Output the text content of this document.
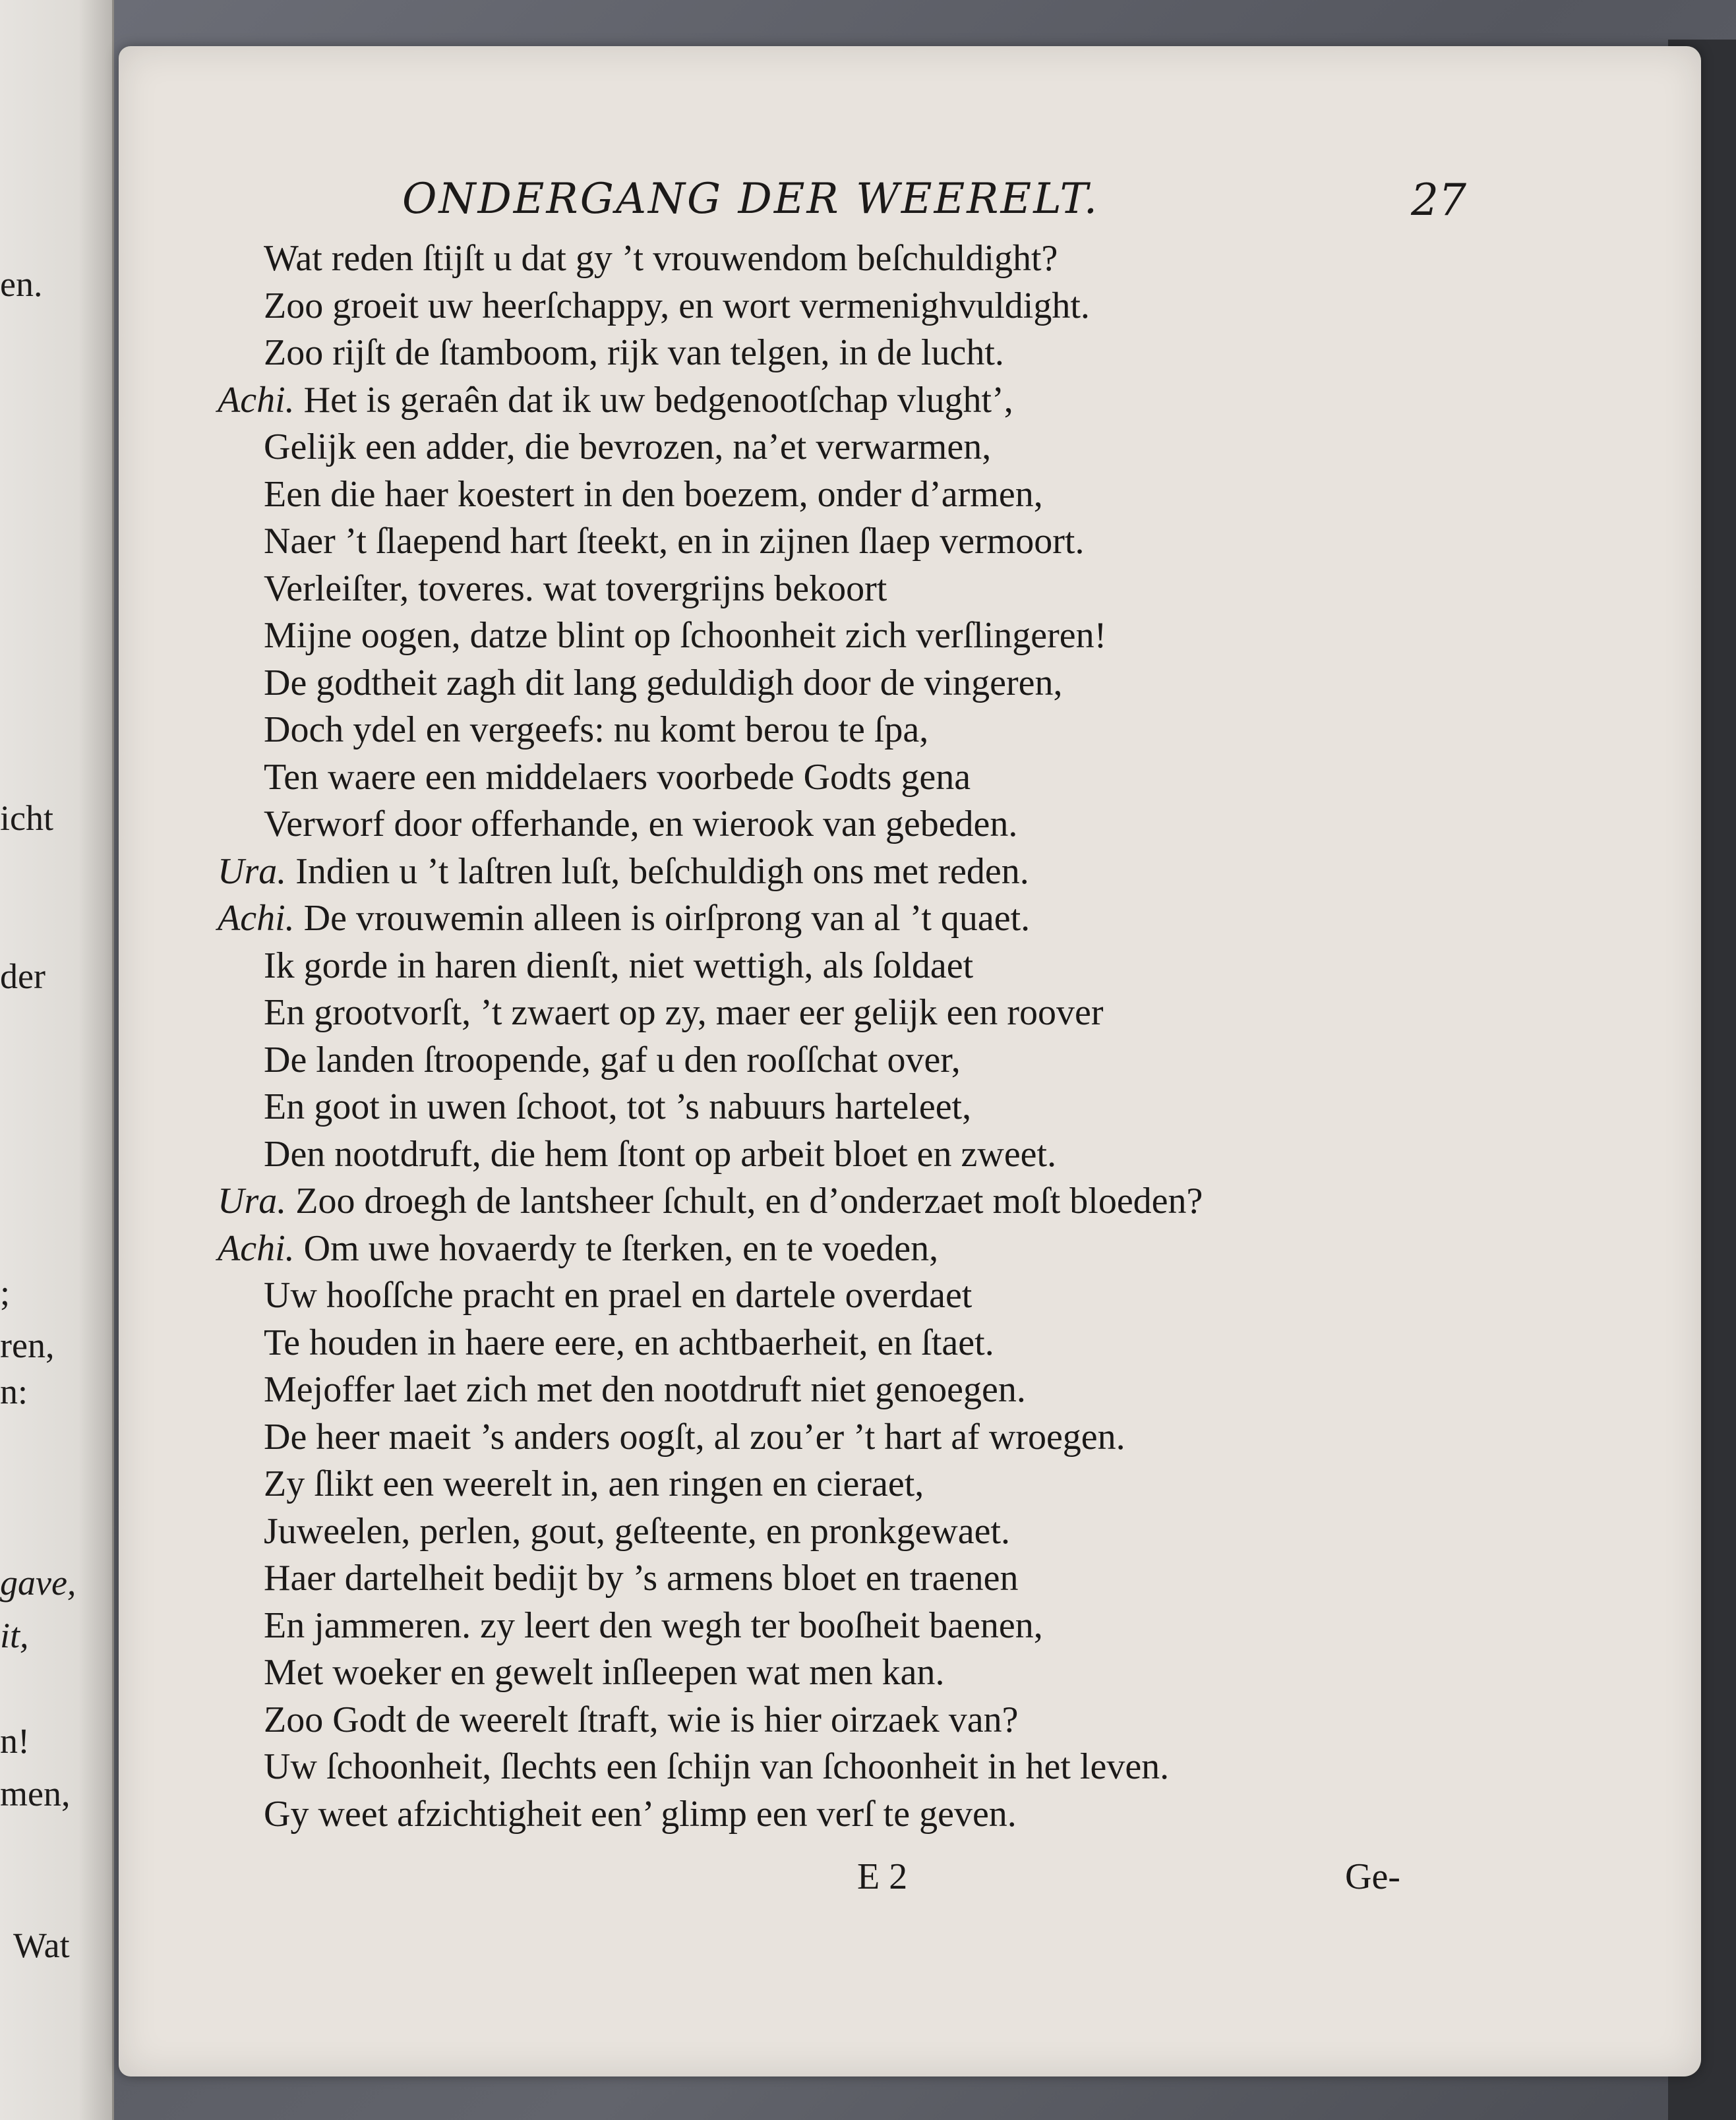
en.
icht
der
;
ren,
n:
gave,
it,
n!
men,
Wat
ONDERGANG DER WEERELT.	27
Wat reden ſtijſt u dat gy ’t vrouwendom beſchuldight?
Zoo groeit uw heerſchappy, en wort vermenighvuldight.
Zoo rijſt de ſtamboom, rijk van telgen, in de lucht.
Achi. Het is geraên dat ik uw bedgenootſchap vlught’,
Gelijk een adder, die bevrozen, na’et verwarmen,
Een die haer koestert in den boezem, onder d’armen,
Naer ’t ſlaepend hart ſteekt, en in zijnen ſlaep vermoort.
Verleiſter, toveres. wat tovergrijns bekoort
Mijne oogen, datze blint op ſchoonheit zich verſlingeren!
De godtheit zagh dit lang geduldigh door de vingeren,
Doch ydel en vergeefs: nu komt berou te ſpa,
Ten waere een middelaers voorbede Godts gena
Verworf door offerhande, en wierook van gebeden.
Ura. Indien u ’t laſtren luſt, beſchuldigh ons met reden.
Achi. De vrouwemin alleen is oirſprong van al ’t quaet.
Ik gorde in haren dienſt, niet wettigh, als ſoldaet
En grootvorſt, ’t zwaert op zy, maer eer gelijk een roover
De landen ſtroopende, gaf u den rooſſchat over,
En goot in uwen ſchoot, tot ’s nabuurs harteleet,
Den nootdruft, die hem ſtont op arbeit bloet en zweet.
Ura. Zoo droegh de lantsheer ſchult, en d’onderzaet moſt bloeden?
Achi. Om uwe hovaerdy te ſterken, en te voeden,
Uw hooſſche pracht en prael en dartele overdaet
Te houden in haere eere, en achtbaerheit, en ſtaet.
Mejoffer laet zich met den nootdruft niet genoegen.
De heer maeit ’s anders oogſt, al zou’er ’t hart af wroegen.
Zy ſlikt een weerelt in, aen ringen en cieraet,
Juweelen, perlen, gout, geſteente, en pronkgewaet.
Haer dartelheit bedijt by ’s armens bloet en traenen
En jammeren. zy leert den wegh ter booſheit baenen,
Met woeker en gewelt inſleepen wat men kan.
Zoo Godt de weerelt ſtraft, wie is hier oirzaek van?
Uw ſchoonheit, ſlechts een ſchijn van ſchoonheit in het leven.
Gy weet afzichtigheit een’ glimp een verſ te geven.
E 2	Ge-
